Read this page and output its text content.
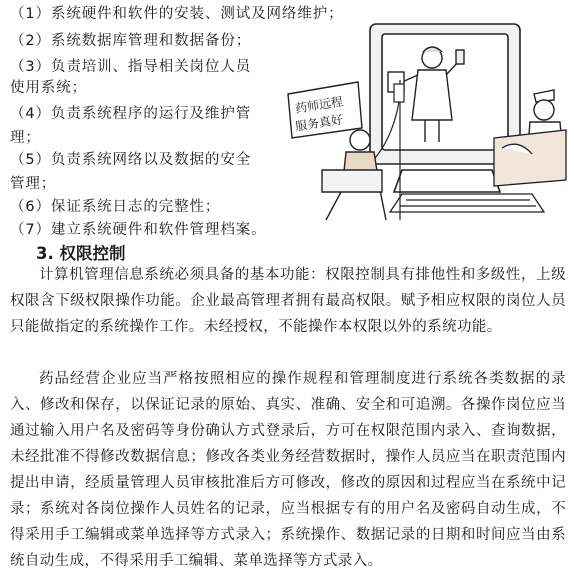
（1）系统硬件和软件的安装、测试及网络维护；
（2）系统数据库管理和数据备份；
（3）负责培训、指导相关岗位人员
使用系统；
（4）负责系统程序的运行及维护管
理；
（5）负责系统网络以及数据的安全
管理；
（6）保证系统日志的完整性；
（7）建立系统硬件和软件管理档案。
3. 权限控制
计算机管理信息系统必须具备的基本功能：权限控制具有排他性和多级性，上级权限含下级权限操作功能。企业最高管理者拥有最高权限。赋予相应权限的岗位人员只能做指定的系统操作工作。未经授权，不能操作本权限以外的系统功能。
药品经营企业应当严格按照相应的操作规程和管理制度进行系统各类数据的录入、修改和保存，以保证记录的原始、真实、准确、安全和可追溯。各操作岗位应当通过输入用户名及密码等身份确认方式登录后，方可在权限范围内录入、查询数据，未经批准不得修改数据信息；修改各类业务经营数据时，操作人员应当在职责范围内提出申请，经质量管理人员审核批准后方可修改，修改的原因和过程应当在系统中记录；系统对各岗位操作人员姓名的记录，应当根据专有的用户名及密码自动生成，不得采用手工编辑或菜单选择等方式录入；系统操作、数据记录的日期和时间应当由系统自动生成，不得采用手工编辑、菜单选择等方式录入。
药师远程
服务真好
